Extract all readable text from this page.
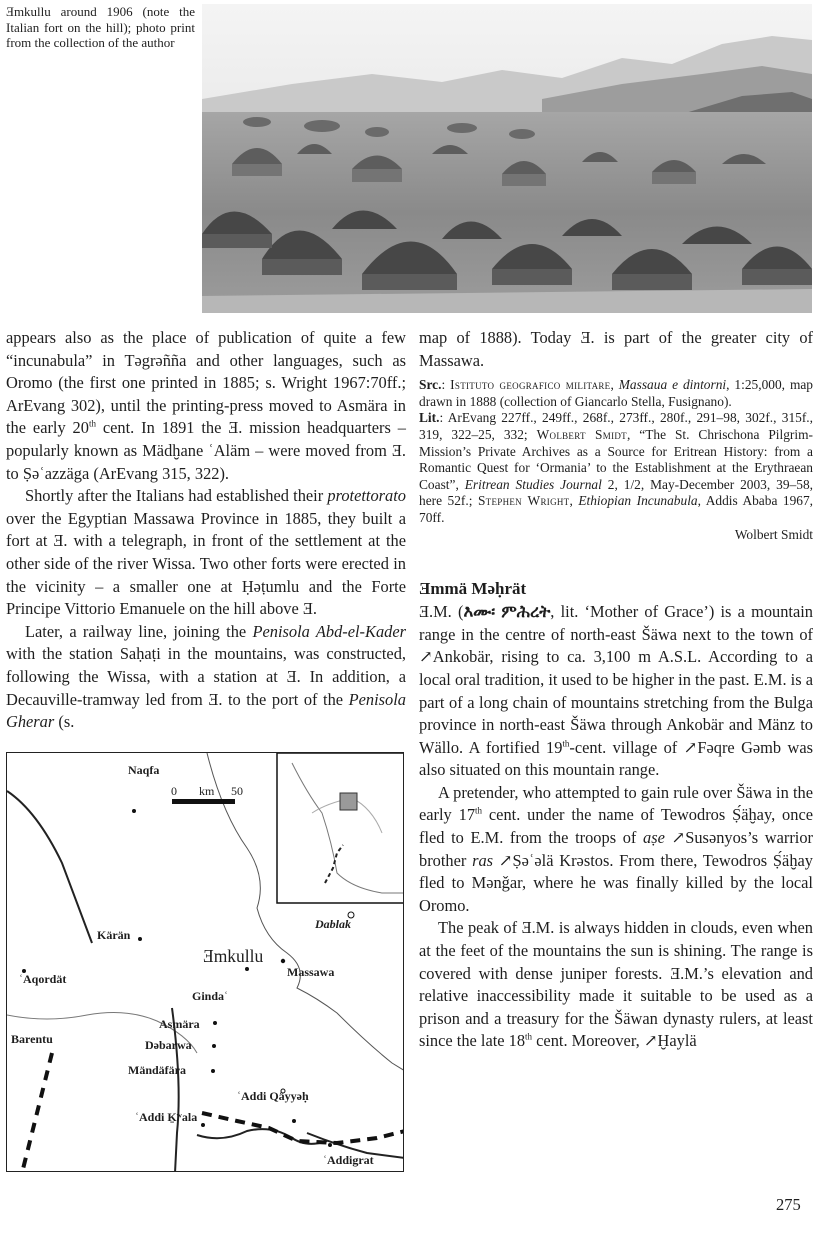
Ǝmkullu around 1906 (note the Italian fort on the hill); photo print from the collection of the author

appears also as the place of publication of quite a few “incunabula” in Təgrəñña and other languages, such as Oromo (the first one printed in 1885; s. Wright 1967:70ff.; ArEvang 302), until the printing-press moved to Asmära in the early 20th cent. In 1891 the Ǝ. mission headquarters – popularly known as Mädḫane ʿAläm – were moved from Ǝ. to Ṣəʿazzäga (ArEvang 315, 322).

Shortly after the Italians had established their protettorato over the Egyptian Massawa Province in 1885, they built a fort at Ǝ. with a telegraph, in front of the settlement at the other side of the river Wissa. Two other forts were erected in the vicinity – a smaller one at Ḥəṭumlu and the Forte Principe Vittorio Emanuele on the hill above Ǝ.

Later, a railway line, joining the Penisola Abd-el-Kader with the station Saḥaṭi in the mountains, was constructed, following the Wissa, with a station at Ǝ. In addition, a Decauville-tramway led from Ǝ. to the port of the Penisola Gherar (s.

map of 1888). Today Ǝ. is part of the greater city of Massawa.

Src.: Istituto geografico militare, Massaua e dintorni, 1:25,000, map drawn in 1888 (collection of Giancarlo Stella, Fusignano).

Lit.: ArEvang 227ff., 249ff., 268f., 273ff., 280f., 291–98, 302f., 315f., 319, 322–25, 332; Wolbert Smidt, “The St. Chrischona Pilgrim-Mission’s Private Archives as a Source for Eritrean History: from a Romantic Quest for ‘Ormania’ to the Establishment at the Erythraean Coast”, Eritrean Studies Journal 2, 1/2, May-December 2003, 39–58, here 52f.; Stephen Wright, Ethiopian Incunabula, Addis Ababa 1967, 70ff.

Wolbert Smidt

Ǝmmä Məḥrät

Ǝ.M. (እሙ፡ ምሕረት, lit. ‘Mother of Grace’) is a mountain range in the centre of north-east Šäwa next to the town of ↗Ankobär, rising to ca. 3,100 m A.S.L. According to a local oral tradition, it used to be higher in the past. E.M. is a part of a long chain of mountains stretching from the Bulga province in north-east Šäwa through Ankobär and Mänz to Wällo. A fortified 19th-cent. village of ↗Fəqre Gəmb was also situated on this mountain range.

A pretender, who attempted to gain rule over Šäwa in the early 17th cent. under the name of Tewodros Ṣ́äḫay, once fled to E.M. from the troops of aṣe ↗Susənyos’s warrior brother ras ↗Ṣəʿəlä Krəstos. From there, Tewodros Ṣ́äḫay fled to Mənǧar, where he was finally killed by the local Oromo.

The peak of Ǝ.M. is always hidden in clouds, even when at the feet of the mountains the sun is shining. The range is covered with dense juniper forests. Ǝ.M.’s elevation and relative inaccessibility made it suitable to be used as a prison and a treasury for the Šäwan dynasty rulers, at least since the late 18th cent. Moreover, ↗Ḫaylä

Naqfa
0 km 50
Kärän
Dablak
Ǝmkullu
Massawa
ʿAqordät
Gindaʿ
Asmära
Barentu	Dəbarwa
Mändäfära
ʿAddi Qäyyəḥ
ʿAddi K̠ʷala
ʿAddigrat
275
